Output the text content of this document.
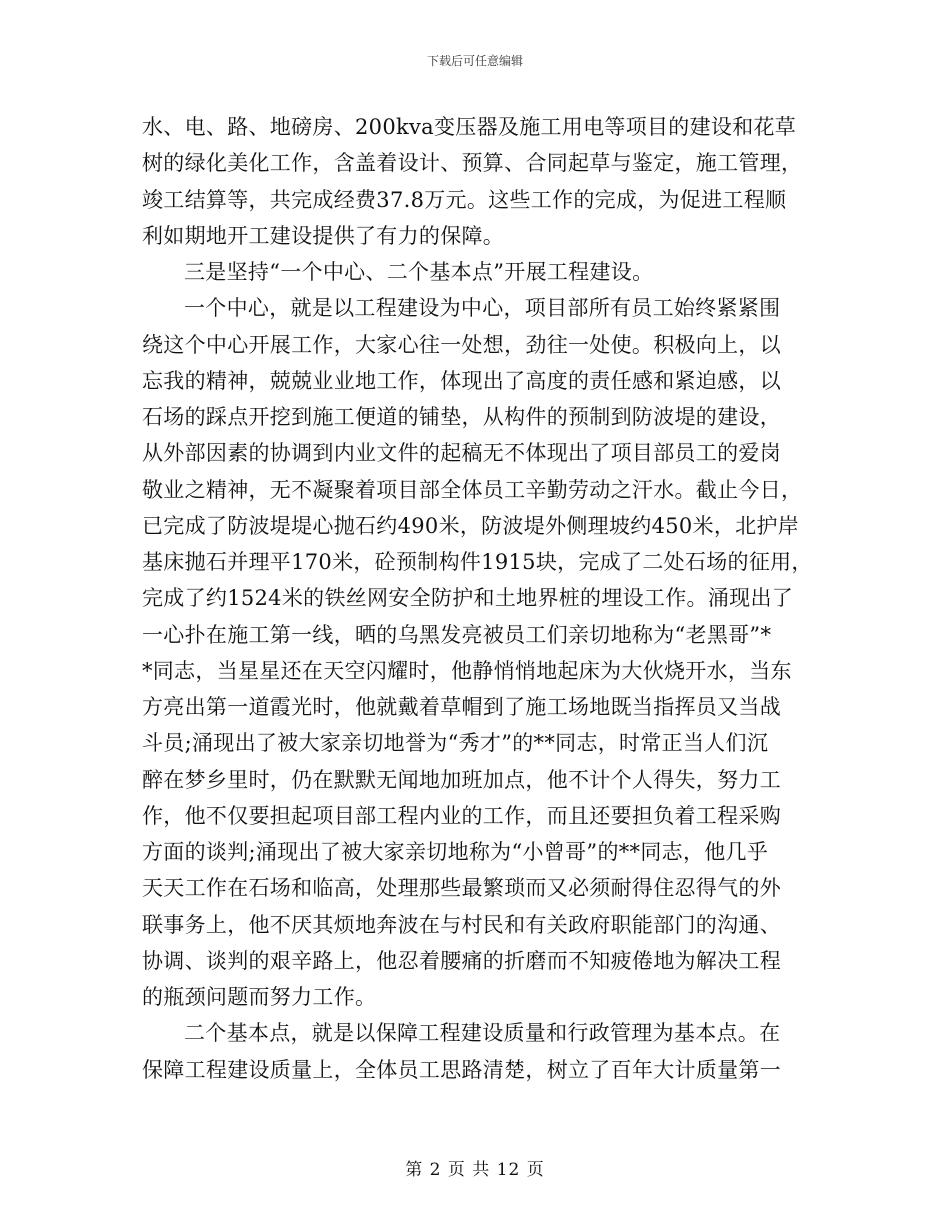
下载后可任意编辑
水、电、路、地磅房、200kva变压器及施工用电等项目的建设和花草
树的绿化美化工作，含盖着设计、预算、合同起草与鉴定，施工管理，
竣工结算等，共完成经费37.8万元。这些工作的完成，为促进工程顺
利如期地开工建设提供了有力的保障。
三是坚持“一个中心、二个基本点”开展工程建设。
一个中心，就是以工程建设为中心，项目部所有员工始终紧紧围
绕这个中心开展工作，大家心往一处想，劲往一处使。积极向上，以
忘我的精神，兢兢业业地工作，体现出了高度的责任感和紧迫感，以
石场的踩点开挖到施工便道的铺垫，从构件的预制到防波堤的建设，
从外部因素的协调到内业文件的起稿无不体现出了项目部员工的爱岗
敬业之精神，无不凝聚着项目部全体员工辛勤劳动之汗水。截止今日，
已完成了防波堤堤心抛石约490米，防波堤外侧理坡约450米，北护岸
基床抛石并理平170米，砼预制构件1915块，完成了二处石场的征用，
完成了约1524米的铁丝网安全防护和土地界桩的埋设工作。涌现出了
一心扑在施工第一线，晒的乌黑发亮被员工们亲切地称为“老黑哥”*
*同志，当星星还在天空闪耀时，他静悄悄地起床为大伙烧开水，当东
方亮出第一道霞光时，他就戴着草帽到了施工场地既当指挥员又当战
斗员;涌现出了被大家亲切地誉为“秀才”的**同志，时常正当人们沉
醉在梦乡里时，仍在默默无闻地加班加点，他不计个人得失，努力工
作，他不仅要担起项目部工程内业的工作，而且还要担负着工程采购
方面的谈判;涌现出了被大家亲切地称为“小曾哥”的**同志，他几乎
天天工作在石场和临高，处理那些最繁琐而又必须耐得住忍得气的外
联事务上，他不厌其烦地奔波在与村民和有关政府职能部门的沟通、
协调、谈判的艰辛路上，他忍着腰痛的折磨而不知疲倦地为解决工程
的瓶颈问题而努力工作。
二个基本点，就是以保障工程建设质量和行政管理为基本点。在
保障工程建设质量上，全体员工思路清楚，树立了百年大计质量第一
第 2 页 共 12 页
